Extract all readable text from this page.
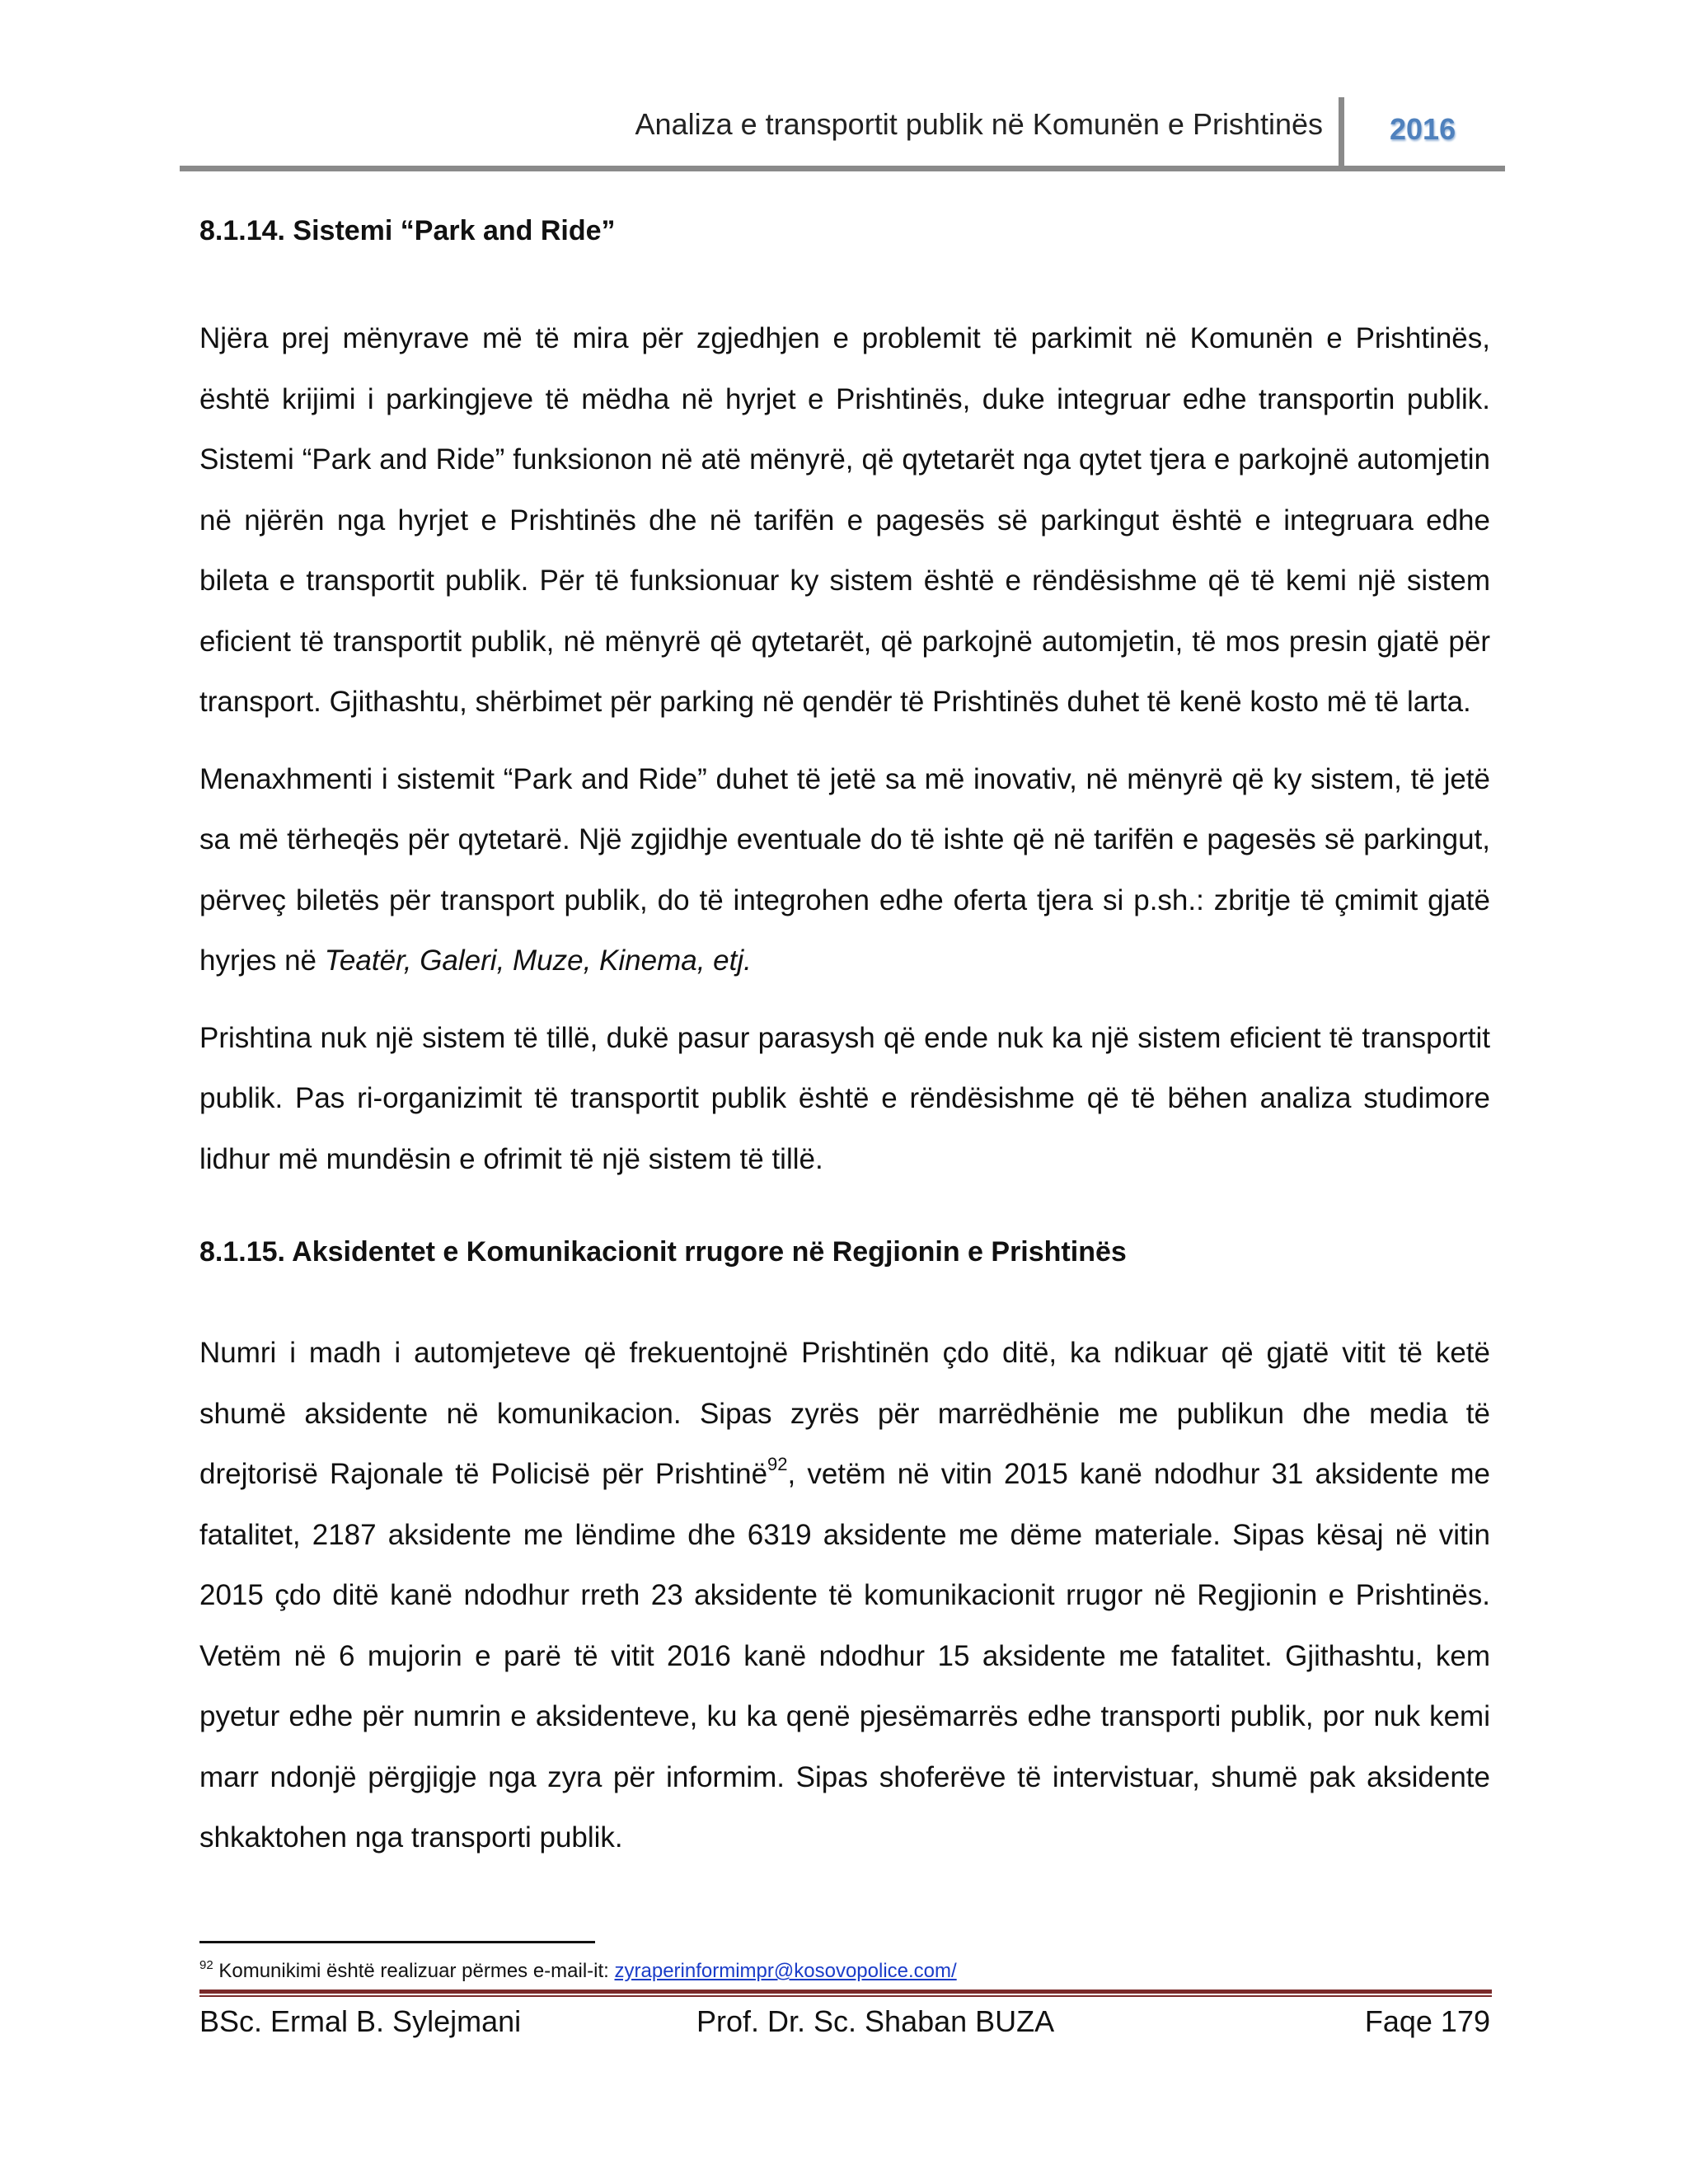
Analiza e transportit publik në Komunën e Prishtinës 2016
8.1.14. Sistemi “Park and Ride”

Njëra prej mënyrave më të mira për zgjedhjen e problemit të parkimit në Komunën e Prishtinës, është krijimi i parkingjeve të mëdha në hyrjet e Prishtinës, duke integruar edhe transportin publik. Sistemi “Park and Ride” funksionon në atë mënyrë, që qytetarët nga qytet tjera e parkojnë automjetin në njërën nga hyrjet e Prishtinës dhe në tarifën e pagesës së parkingut është e integruara edhe bileta e transportit publik. Për të funksionuar ky sistem është e rëndësishme që të kemi një sistem eficient të transportit publik, në mënyrë që qytetarët, që parkojnë automjetin, të mos presin gjatë për transport. Gjithashtu, shërbimet për parking në qendër të Prishtinës duhet të kenë kosto më të larta.

Menaxhmenti i sistemit “Park and Ride” duhet të jetë sa më inovativ, në mënyrë që ky sistem, të jetë sa më tërheqës për qytetarë. Një zgjidhje eventuale do të ishte që në tarifën e pagesës së parkingut, përveç biletës për transport publik, do të integrohen edhe oferta tjera si p.sh.: zbritje të çmimit gjatë hyrjes në Teatër, Galeri, Muze, Kinema, etj.

Prishtina nuk një sistem të tillë, dukë pasur parasysh që ende nuk ka një sistem eficient të transportit publik. Pas ri-organizimit të transportit publik është e rëndësishme që të bëhen analiza studimore lidhur më mundësin e ofrimit të një sistem të tillë.

8.1.15. Aksidentet e Komunikacionit rrugore në Regjionin e Prishtinës

Numri i madh i automjeteve që frekuentojnë Prishtinën çdo ditë, ka ndikuar që gjatë vitit të ketë shumë aksidente në komunikacion. Sipas zyrës për marrëdhënie me publikun dhe media të drejtorisë Rajonale të Policisë për Prishtinë$^{92}$, vetëm në vitin 2015 kanë ndodhur 31 aksidente me fatalitet, 2187 aksidente me lëndime dhe 6319 aksidente me dëme materiale. Sipas kësaj në vitin 2015 çdo ditë kanë ndodhur rreth 23 aksidente të komunikacionit rrugor në Regjionin e Prishtinës. Vetëm në 6 mujorin e parë të vitit 2016 kanë ndodhur 15 aksidente me fatalitet. Gjithashtu, kem pyetur edhe për numrin e aksidenteve, ku ka qenë pjesëmarrës edhe transporti publik, por nuk kemi marr ndonjë përgjigje nga zyra për informim. Sipas shoferëve të intervistuar, shumë pak aksidente shkaktohen nga transporti publik.

$^{92}$ Komunikimi është realizuar përmes e-mail-it: zyraperinformimpr@kosovopolice.com/
BSc. Ermal B. Sylejmani	Prof. Dr. Sc. Shaban BUZA	Faqe 179
